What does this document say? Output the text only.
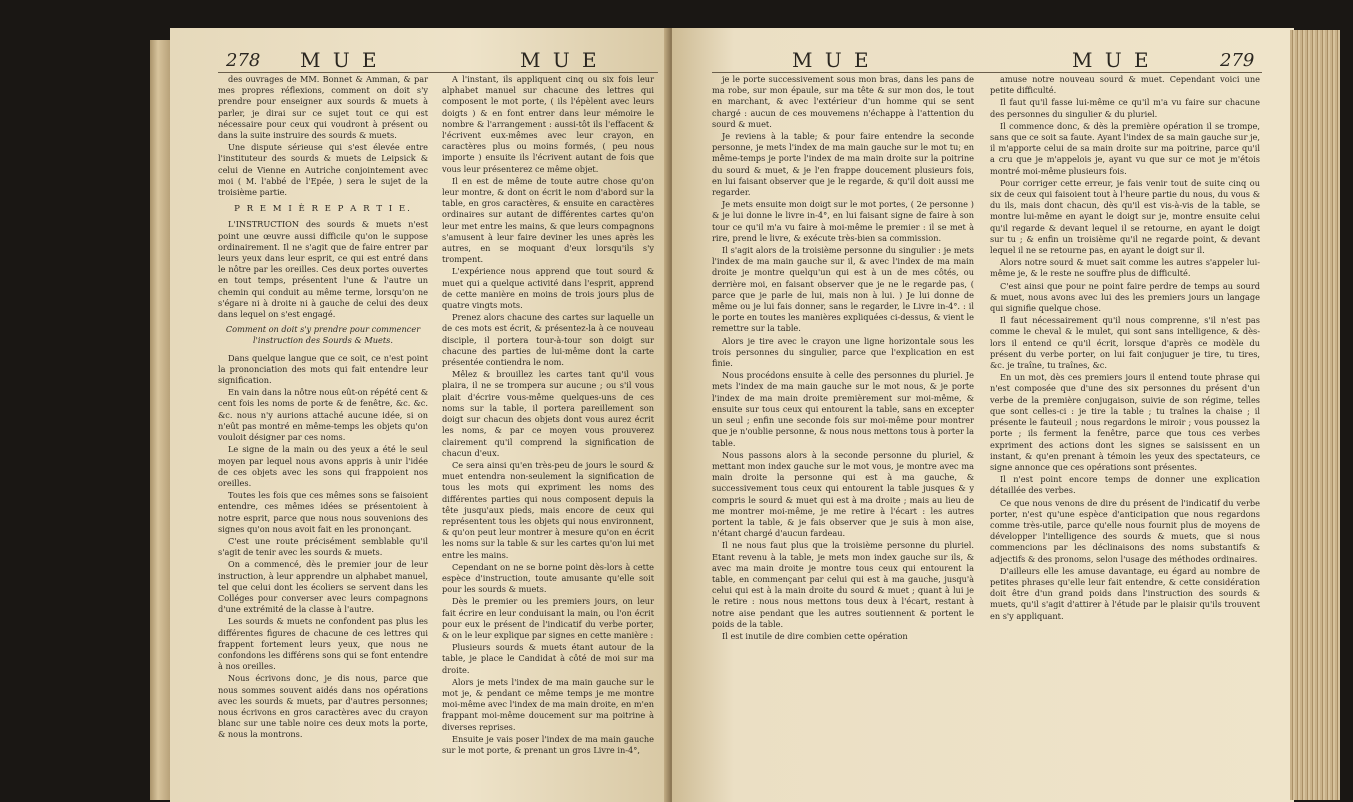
278 M U E	M U E

des ouvrages de MM. Bonnet & Amman, & par mes propres réflexions, comment on doit s'y prendre pour enseigner aux sourds & muets à parler, je dirai sur ce sujet tout ce qui est nécessaire pour ceux qui voudront à présent ou dans la suite instruire des sourds & muets.

Une dispute sérieuse qui s'est élevée entre l'instituteur des sourds & muets de Leipsick & celui de Vienne en Autriche conjointement avec moi ( M. l'abbé de l'Epée, ) sera le sujet de la troisième partie.

P R E M I È R E P A R T I E.

L'INSTRUCTION des sourds & muets n'est point une œuvre aussi difficile qu'on le suppose ordinairement. Il ne s'agit que de faire entrer par leurs yeux dans leur esprit, ce qui est entré dans le nôtre par les oreilles. Ces deux portes ouvertes en tout temps, présentent l'une & l'autre un chemin qui conduit au même terme, lorsqu'on ne s'égare ni à droite ni à gauche de celui des deux dans lequel on s'est engagé.

Comment on doit s'y prendre pour commencer l'instruction des Sourds & Muets.

Dans quelque langue que ce soit, ce n'est point la prononciation des mots qui fait entendre leur signification.

En vain dans la nôtre nous eût-on répété cent & cent fois les noms de porte & de fenêtre, &c. &c. &c. nous n'y aurions attaché aucune idée, si on n'eût pas montré en même-temps les objets qu'on vouloit désigner par ces noms.

Le signe de la main ou des yeux a été le seul moyen par lequel nous avons appris à unir l'idée de ces objets avec les sons qui frappoient nos oreilles.

Toutes les fois que ces mêmes sons se faisoient entendre, ces mêmes idées se présentoient à notre esprit, parce que nous nous souvenions des signes qu'on nous avoit fait en les prononçant.

C'est une route précisément semblable qu'il s'agit de tenir avec les sourds & muets.

On a commencé, dès le premier jour de leur instruction, à leur apprendre un alphabet manuel, tel que celui dont les écoliers se servent dans les Colléges pour converser avec leurs compagnons d'une extrémité de la classe à l'autre.

Les sourds & muets ne confondent pas plus les différentes figures de chacune de ces lettres qui frappent fortement leurs yeux, que nous ne confondons les différens sons qui se font entendre à nos oreilles.

Nous écrivons donc, je dis nous, parce que nous sommes souvent aidés dans nos opérations avec les sourds & muets, par d'autres personnes; nous écrivons en gros caractères avec du crayon blanc sur une table noire ces deux mots la porte, & nous la montrons.

A l'instant, ils appliquent cinq ou six fois leur alphabet manuel sur chacune des lettres qui composent le mot porte, ( ils l'épèlent avec leurs doigts ) & en font entrer dans leur mémoire le nombre & l'arrangement : aussi-tôt ils l'effacent & l'écrivent eux-mêmes avec leur crayon, en caractères plus ou moins formés, ( peu nous importe ) ensuite ils l'écrivent autant de fois que vous leur présenterez ce même objet.

Il en est de même de toute autre chose qu'on leur montre, & dont on écrit le nom d'abord sur la table, en gros caractères, & ensuite en caractères ordinaires sur autant de différentes cartes qu'on leur met entre les mains, & que leurs compagnons s'amusent à leur faire deviner les unes après les autres, en se moquant d'eux lorsqu'ils s'y trompent.

L'expérience nous apprend que tout sourd & muet qui a quelque activité dans l'esprit, apprend de cette manière en moins de trois jours plus de quatre vingts mots.

Prenez alors chacune des cartes sur laquelle un de ces mots est écrit, & présentez-la à ce nouveau disciple, il portera tour-à-tour son doigt sur chacune des parties de lui-même dont la carte présentée contiendra le nom.

Mêlez & brouillez les cartes tant qu'il vous plaira, il ne se trompera sur aucune ; ou s'il vous plait d'écrire vous-même quelques-uns de ces noms sur la table, il portera pareillement son doigt sur chacun des objets dont vous aurez écrit les noms, & par ce moyen vous prouverez clairement qu'il comprend la signification de chacun d'eux.

Ce sera ainsi qu'en très-peu de jours le sourd & muet entendra non-seulement la signification de tous les mots qui expriment les noms des différentes parties qui nous composent depuis la tête jusqu'aux pieds, mais encore de ceux qui représentent tous les objets qui nous environnent, & qu'on peut leur montrer à mesure qu'on en écrit les noms sur la table & sur les cartes qu'on lui met entre les mains.

Cependant on ne se borne point dès-lors à cette espèce d'instruction, toute amusante qu'elle soit pour les sourds & muets.

Dès le premier ou les premiers jours, on leur fait écrire en leur conduisant la main, ou l'on écrit pour eux le présent de l'indicatif du verbe porter, & on le leur explique par signes en cette manière :

Plusieurs sourds & muets étant autour de la table, je place le Candidat à côté de moi sur ma droite.

Alors je mets l'index de ma main gauche sur le mot je, & pendant ce même temps je me montre moi-même avec l'index de ma main droite, en m'en frappant moi-même doucement sur ma poitrine à diverses reprises.

Ensuite je vais poser l'index de ma main gauche sur le mot porte, & prenant un gros Livre in-4°,

M U E	M U E	279

je le porte successivement sous mon bras, dans les pans de ma robe, sur mon épaule, sur ma tête & sur mon dos, le tout en marchant, & avec l'extérieur d'un homme qui se sent chargé : aucun de ces mouvemens n'échappe à l'attention du sourd & muet.

Je reviens à la table; & pour faire entendre la seconde personne, je mets l'index de ma main gauche sur le mot tu; en même-temps je porte l'index de ma main droite sur la poitrine du sourd & muet, & je l'en frappe doucement plusieurs fois, en lui faisant observer que je le regarde, & qu'il doit aussi me regarder.

Je mets ensuite mon doigt sur le mot portes, ( 2e personne ) & je lui donne le livre in-4°, en lui faisant signe de faire à son tour ce qu'il m'a vu faire à moi-même le premier : il se met à rire, prend le livre, & exécute très-bien sa commission.

Il s'agit alors de la troisième personne du singulier : je mets l'index de ma main gauche sur il, & avec l'index de ma main droite je montre quelqu'un qui est à un de mes côtés, ou derrière moi, en faisant observer que je ne le regarde pas, ( parce que je parle de lui, mais non à lui. ) Je lui donne de même ou je lui fais donner, sans le regarder, le Livre in-4°. : il le porte en toutes les manières expliquées ci-dessus, & vient le remettre sur la table.

Alors je tire avec le crayon une ligne horizontale sous les trois personnes du singulier, parce que l'explication en est finie.

Nous procédons ensuite à celle des personnes du pluriel. Je mets l'index de ma main gauche sur le mot nous, & je porte l'index de ma main droite premièrement sur moi-même, & ensuite sur tous ceux qui entourent la table, sans en excepter un seul ; enfin une seconde fois sur moi-même pour montrer que je n'oublie personne, & nous nous mettons tous à porter la table.

Nous passons alors à la seconde personne du pluriel, & mettant mon index gauche sur le mot vous, je montre avec ma main droite la personne qui est à ma gauche, & successivement tous ceux qui entourent la table jusques & y compris le sourd & muet qui est à ma droite ; mais au lieu de me montrer moi-même, je me retire à l'écart : les autres portent la table, & je fais observer que je suis à mon aise, n'étant chargé d'aucun fardeau.

Il ne nous faut plus que la troisième personne du pluriel. Etant revenu à la table, je mets mon index gauche sur ils, & avec ma main droite je montre tous ceux qui entourent la table, en commençant par celui qui est à ma gauche, jusqu'à celui qui est à la main droite du sourd & muet ; quant à lui je le retire : nous nous mettons tous deux à l'écart, restant à notre aise pendant que les autres soutiennent & portent le poids de la table.

Il est inutile de dire combien cette opération

amuse notre nouveau sourd & muet. Cependant voici une petite difficulté.

Il faut qu'il fasse lui-même ce qu'il m'a vu faire sur chacune des personnes du singulier & du pluriel.

Il commence donc, & dès la première opération il se trompe, sans que ce soit sa faute. Ayant l'index de sa main gauche sur je, il m'apporte celui de sa main droite sur ma poitrine, parce qu'il a cru que je m'appelois je, ayant vu que sur ce mot je m'étois montré moi-même plusieurs fois.

Pour corriger cette erreur, je fais venir tout de suite cinq ou six de ceux qui faisoient tout à l'heure partie du nous, du vous & du ils, mais dont chacun, dès qu'il est vis-à-vis de la table, se montre lui-même en ayant le doigt sur je, montre ensuite celui qu'il regarde & devant lequel il se retourne, en ayant le doigt sur tu ; & enfin un troisième qu'il ne regarde point, & devant lequel il ne se retourne pas, en ayant le doigt sur il.

Alors notre sourd & muet sait comme les autres s'appeler lui-même je, & le reste ne souffre plus de difficulté.

C'est ainsi que pour ne point faire perdre de temps au sourd & muet, nous avons avec lui des les premiers jours un langage qui signifie quelque chose.

Il faut nécessairement qu'il nous comprenne, s'il n'est pas comme le cheval & le mulet, qui sont sans intelligence, & dès-lors il entend ce qu'il écrit, lorsque d'après ce modèle du présent du verbe porter, on lui fait conjuguer je tire, tu tires, &c. je traîne, tu traînes, &c.

En un mot, dès ces premiers jours il entend toute phrase qui n'est composée que d'une des six personnes du présent d'un verbe de la première conjugaison, suivie de son régime, telles que sont celles-ci : je tire la table ; tu traînes la chaise ; il présente le fauteuil ; nous regardons le miroir ; vous poussez la porte ; ils ferment la fenêtre, parce que tous ces verbes expriment des actions dont les signes se saisissent en un instant, & qu'en prenant à témoin les yeux des spectateurs, ce signe annonce que ces opérations sont présentes.

Il n'est point encore temps de donner une explication détaillée des verbes.

Ce que nous venons de dire du présent de l'indicatif du verbe porter, n'est qu'une espèce d'anticipation que nous regardons comme très-utile, parce qu'elle nous fournit plus de moyens de développer l'intelligence des sourds & muets, que si nous commencions par les déclinaisons des noms substantifs & adjectifs & des pronoms, selon l'usage des méthodes ordinaires.

D'ailleurs elle les amuse davantage, eu égard au nombre de petites phrases qu'elle leur fait entendre, & cette considération doit être d'un grand poids dans l'instruction des sourds & muets, qu'il s'agit d'attirer à l'étude par le plaisir qu'ils trouvent en s'y appliquant.
